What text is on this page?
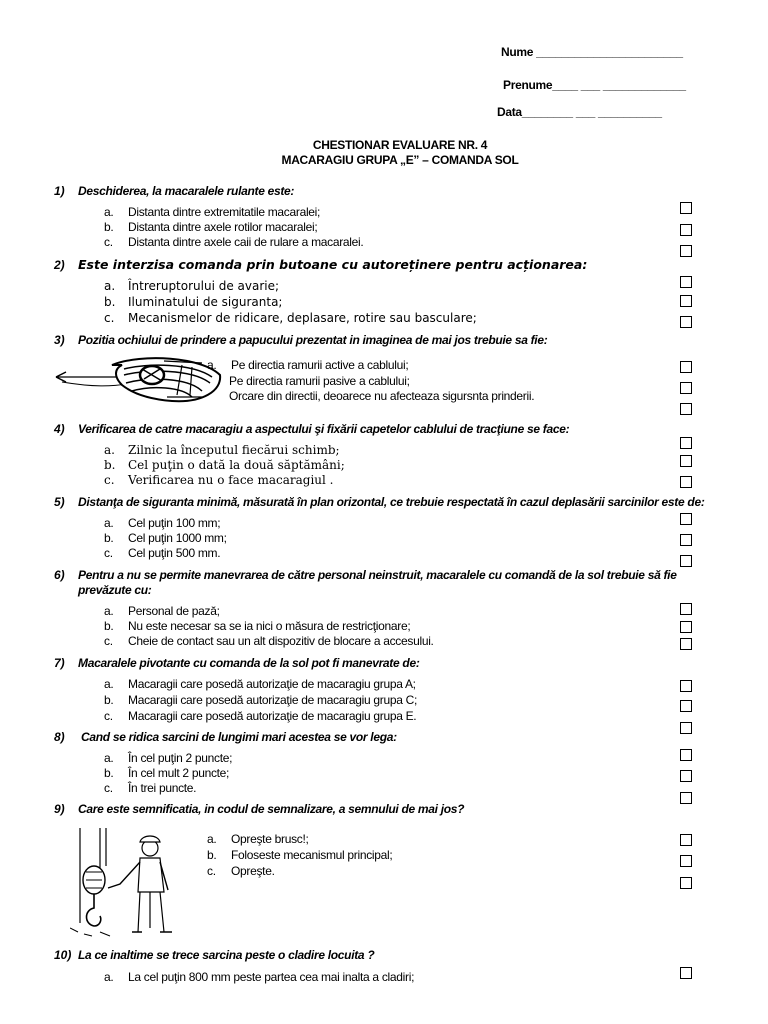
Nume _______________________
Prenume____ ___ _____________
Data________ ___ __________
CHESTIONAR EVALUARE NR. 4
MACARAGIU GRUPA „E” – COMANDA SOL
1) Deschiderea, la macaralele rulante este:
a. Distanta dintre extremitatile macaralei;
b. Distanta dintre axele rotilor macaralei;
c. Distanta dintre axele caii de rulare a macaralei.
2) Este interzisa comanda prin butoane cu autoreținere pentru acționarea:
a. Întreruptorului de avarie;
b. Iluminatului de siguranta;
c. Mecanismelor de ridicare, deplasare, rotire sau basculare;
3) Pozitia ochiului de prindere a papucului prezentat in imaginea de mai jos trebuie sa fie:
a. Pe directia ramurii active a cablului;
Pe directia ramurii pasive a cablului;
Orcare din directii, deoarece nu afecteaza sigursnta prinderii.
4) Verificarea de catre macaragiu a aspectului şi fixării capetelor cablului de tracţiune se face:
a. Zilnic la începutul fiecărui schimb;
b. Cel puţin o dată la două săptămâni;
c. Verificarea nu o face macaragiul .
5) Distanţa de siguranta minimă, măsurată în plan orizontal, ce trebuie respectată în cazul deplasării sarcinilor este de:
a. Cel puţin 100 mm;
b. Cel puţin 1000 mm;
c. Cel puţin 500 mm.
6) Pentru a nu se permite manevrarea de către personal neinstruit, macaralele cu comandă de la sol trebuie să fie
prevăzute cu:
a. Personal de pază;
b. Nu este necesar sa se ia nici o măsura de restricţionare;
c. Cheie de contact sau un alt dispozitiv de blocare a accesului.
7) Macaralele pivotante cu comanda de la sol pot fi manevrate de:
a. Macaragii care posedă autorizaţie de macaragiu grupa A;
b. Macaragii care posedă autorizaţie de macaragiu grupa C;
c. Macaragii care posedă autorizaţie de macaragiu grupa E.
8) Cand se ridica sarcini de lungimi mari acestea se vor lega:
a. În cel puţin 2 puncte;
b. În cel mult 2 puncte;
c. În trei puncte.
9) Care este semnificatia, in codul de semnalizare, a semnului de mai jos?
a. Opreşte brusc!;
b. Foloseste mecanismul principal;
c. Opreşte.
10) La ce inaltime se trece sarcina peste o cladire locuita ?
a. La cel puţin 800 mm peste partea cea mai inalta a cladiri;
